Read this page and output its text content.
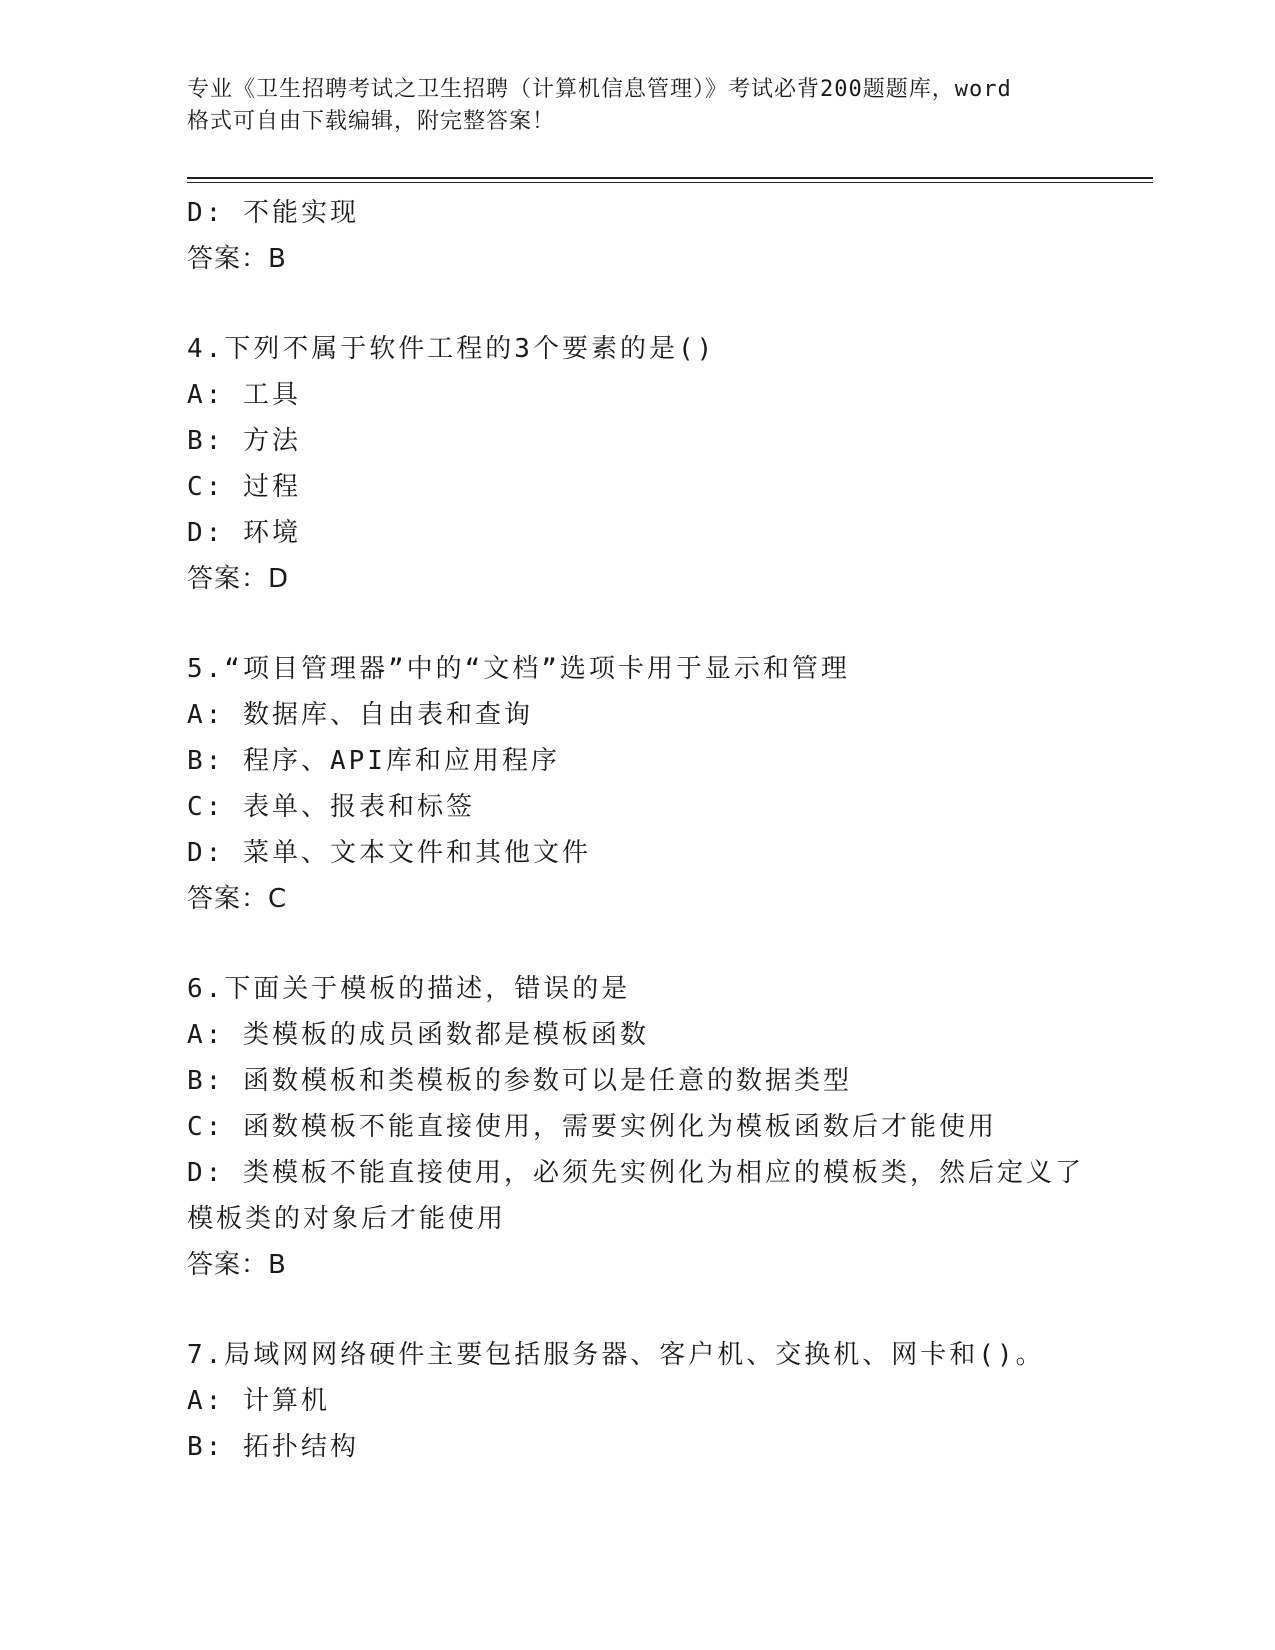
专业《卫生招聘考试之卫生招聘（计算机信息管理）》考试必背200题题库，word
格式可自由下载编辑，附完整答案！
D: 不能实现
答案：B
4.下列不属于软件工程的3个要素的是()
A: 工具
B: 方法
C: 过程
D: 环境
答案：D
5.“项目管理器”中的“文档”选项卡用于显示和管理
A: 数据库、自由表和查询
B: 程序、API库和应用程序
C: 表单、报表和标签
D: 菜单、文本文件和其他文件
答案：C
6.下面关于模板的描述，错误的是
A: 类模板的成员函数都是模板函数
B: 函数模板和类模板的参数可以是任意的数据类型
C: 函数模板不能直接使用，需要实例化为模板函数后才能使用
D: 类模板不能直接使用，必须先实例化为相应的模板类，然后定义了
模板类的对象后才能使用
答案：B
7.局域网网络硬件主要包括服务器、客户机、交换机、网卡和()。
A: 计算机
B: 拓扑结构
